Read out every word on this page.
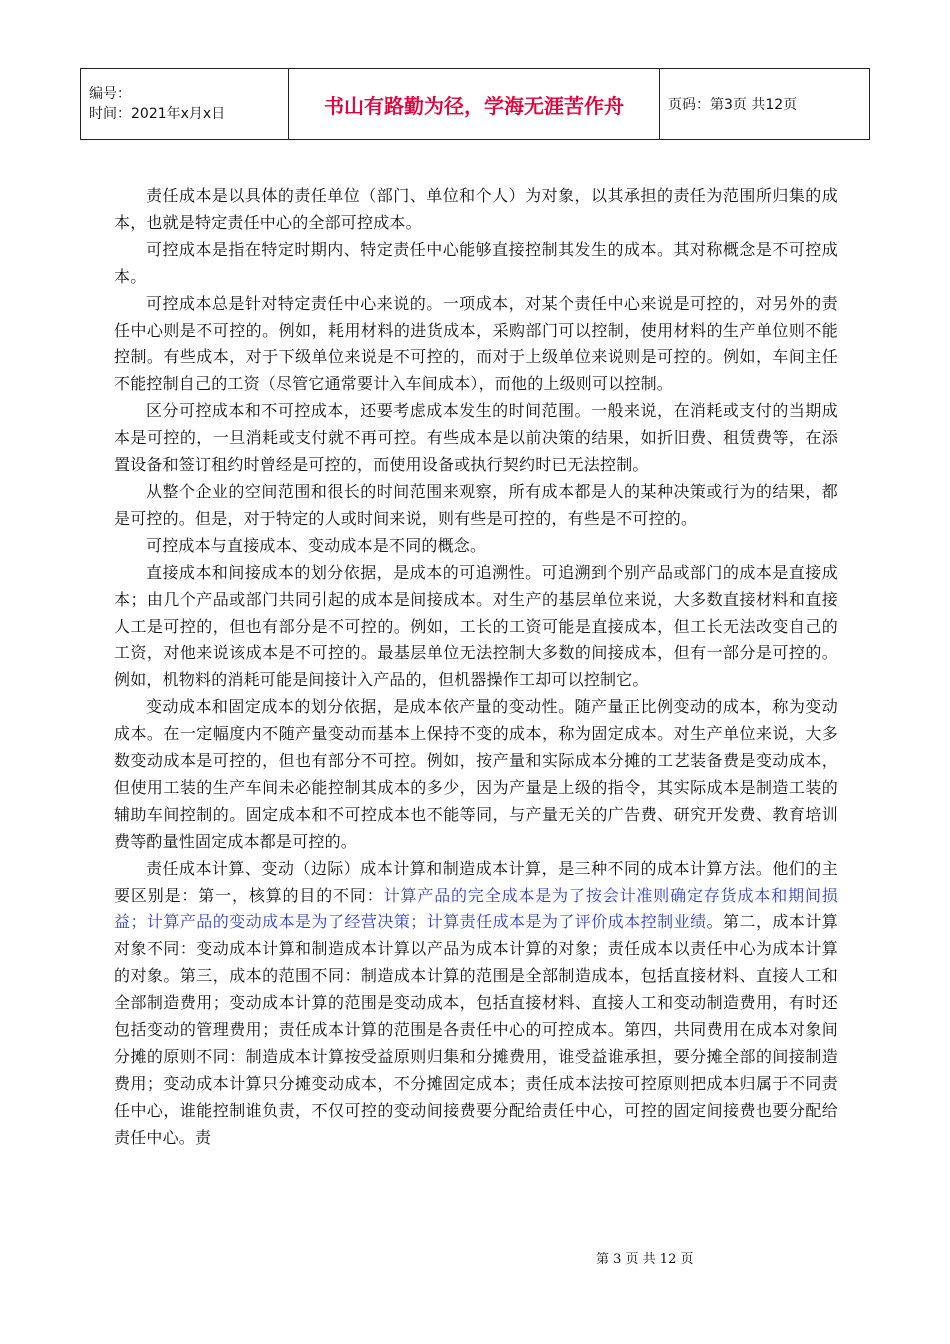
编号：
时间：2021年x月x日	书山有路勤为径，学海无涯苦作舟	页码：第3页 共12页

责任成本是以具体的责任单位（部门、单位和个人）为对象，以其承担的责任为范围所归集的成本，也就是特定责任中心的全部可控成本。

可控成本是指在特定时期内、特定责任中心能够直接控制其发生的成本。其对称概念是不可控成本。

可控成本总是针对特定责任中心来说的。一项成本，对某个责任中心来说是可控的，对另外的责任中心则是不可控的。例如，耗用材料的进货成本，采购部门可以控制，使用材料的生产单位则不能控制。有些成本，对于下级单位来说是不可控的，而对于上级单位来说则是可控的。例如，车间主任不能控制自己的工资（尽管它通常要计入车间成本），而他的上级则可以控制。

区分可控成本和不可控成本，还要考虑成本发生的时间范围。一般来说，在消耗或支付的当期成本是可控的，一旦消耗或支付就不再可控。有些成本是以前决策的结果，如折旧费、租赁费等，在添置设备和签订租约时曾经是可控的，而使用设备或执行契约时已无法控制。

从整个企业的空间范围和很长的时间范围来观察，所有成本都是人的某种决策或行为的结果，都是可控的。但是，对于特定的人或时间来说，则有些是可控的，有些是不可控的。

可控成本与直接成本、变动成本是不同的概念。

直接成本和间接成本的划分依据，是成本的可追溯性。可追溯到个别产品或部门的成本是直接成本；由几个产品或部门共同引起的成本是间接成本。对生产的基层单位来说，大多数直接材料和直接人工是可控的，但也有部分是不可控的。例如，工长的工资可能是直接成本，但工长无法改变自己的工资，对他来说该成本是不可控的。最基层单位无法控制大多数的间接成本，但有一部分是可控的。例如，机物料的消耗可能是间接计入产品的，但机器操作工却可以控制它。

变动成本和固定成本的划分依据，是成本依产量的变动性。随产量正比例变动的成本，称为变动成本。在一定幅度内不随产量变动而基本上保持不变的成本，称为固定成本。对生产单位来说，大多数变动成本是可控的，但也有部分不可控。例如，按产量和实际成本分摊的工艺装备费是变动成本，但使用工装的生产车间未必能控制其成本的多少，因为产量是上级的指令，其实际成本是制造工装的辅助车间控制的。固定成本和不可控成本也不能等同，与产量无关的广告费、研究开发费、教育培训费等酌量性固定成本都是可控的。

责任成本计算、变动（边际）成本计算和制造成本计算，是三种不同的成本计算方法。他们的主要区别是：第一，核算的目的不同：计算产品的完全成本是为了按会计准则确定存货成本和期间损益；计算产品的变动成本是为了经营决策；计算责任成本是为了评价成本控制业绩。第二，成本计算对象不同：变动成本计算和制造成本计算以产品为成本计算的对象；责任成本以责任中心为成本计算的对象。第三，成本的范围不同：制造成本计算的范围是全部制造成本，包括直接材料、直接人工和全部制造费用；变动成本计算的范围是变动成本，包括直接材料、直接人工和变动制造费用，有时还包括变动的管理费用；责任成本计算的范围是各责任中心的可控成本。第四，共同费用在成本对象间分摊的原则不同：制造成本计算按受益原则归集和分摊费用，谁受益谁承担，要分摊全部的间接制造费用；变动成本计算只分摊变动成本，不分摊固定成本；责任成本法按可控原则把成本归属于不同责任中心，谁能控制谁负责，不仅可控的变动间接费要分配给责任中心，可控的固定间接费也要分配给责任中心。责

第 3 页 共 12 页
